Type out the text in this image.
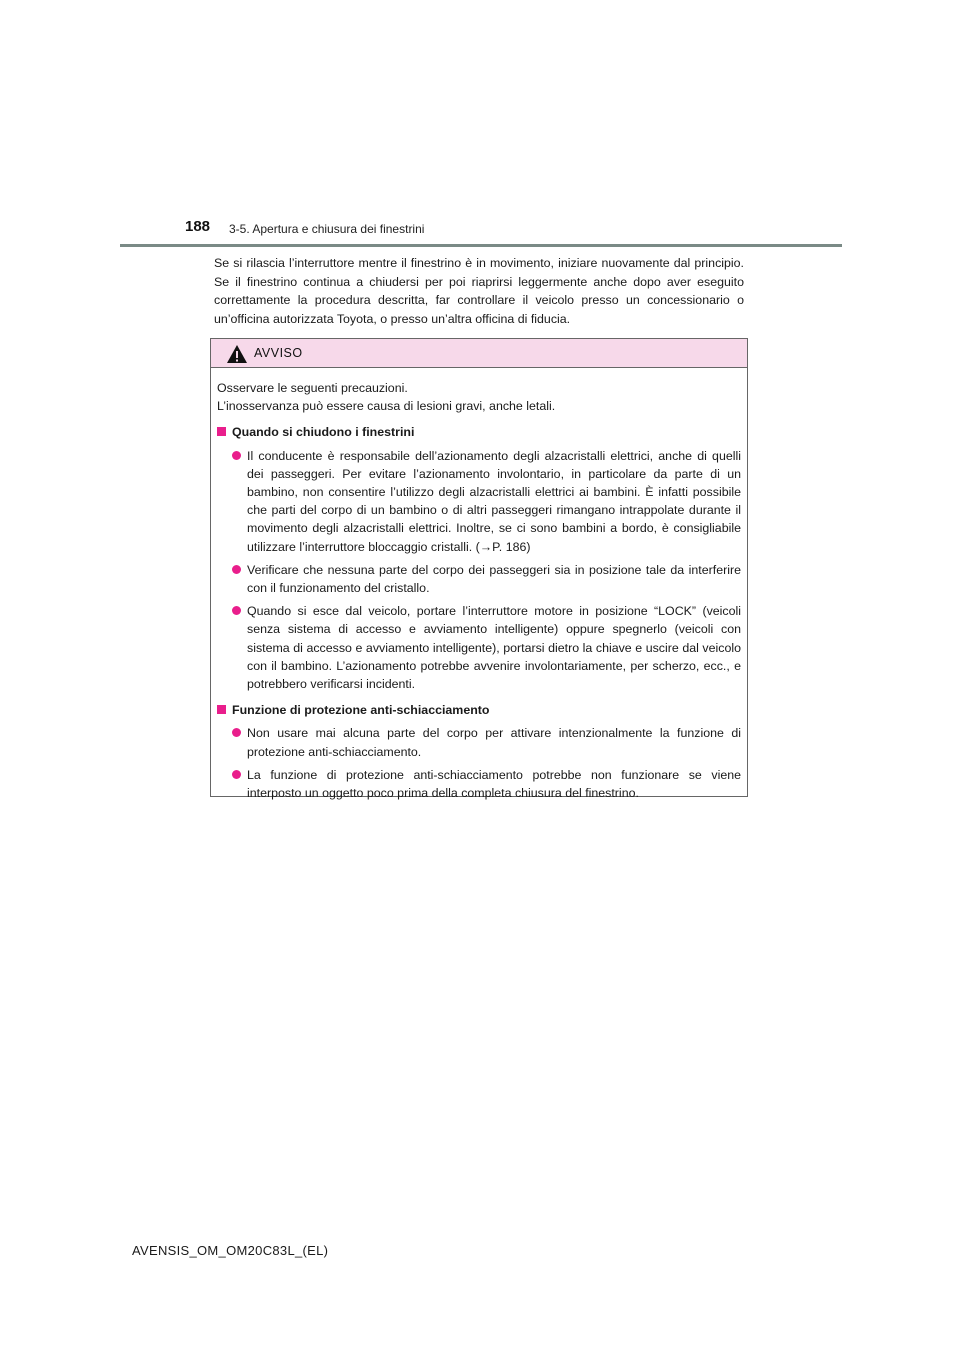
188 3-5. Apertura e chiusura dei finestrini

Se si rilascia l’interruttore mentre il finestrino è in movimento, iniziare nuovamente dal principio. Se il finestrino continua a chiudersi per poi riaprirsi leggermente anche dopo aver eseguito correttamente la procedura descritta, far controllare il veicolo presso un concessionario o un’officina autorizzata Toyota, o presso un’altra officina di fiducia.

AVVISO

Osservare le seguenti precauzioni.
L’inosservanza può essere causa di lesioni gravi, anche letali.

Quando si chiudono i finestrini

Il conducente è responsabile dell’azionamento degli alzacristalli elettrici, anche di quelli dei passeggeri. Per evitare l’azionamento involontario, in particolare da parte di un bambino, non consentire l’utilizzo degli alzacristalli elettrici ai bambini. È infatti possibile che parti del corpo di un bambino o di altri passeggeri rimangano intrappolate durante il movimento degli alzacristalli elettrici. Inoltre, se ci sono bambini a bordo, è consigliabile utilizzare l’interruttore bloccaggio cristalli. (→P. 186)
Verificare che nessuna parte del corpo dei passeggeri sia in posizione tale da interferire con il funzionamento del cristallo.
Quando si esce dal veicolo, portare l’interruttore motore in posizione “LOCK” (veicoli senza sistema di accesso e avviamento intelligente) oppure spegnerlo (veicoli con sistema di accesso e avviamento intelligente), portarsi dietro la chiave e uscire dal veicolo con il bambino. L’azionamento potrebbe avvenire involontariamente, per scherzo, ecc., e potrebbero verificarsi incidenti.

Funzione di protezione anti-schiacciamento

Non usare mai alcuna parte del corpo per attivare intenzionalmente la funzione di protezione anti-schiacciamento.
La funzione di protezione anti-schiacciamento potrebbe non funzionare se viene interposto un oggetto poco prima della completa chiusura del finestrino.
AVENSIS_OM_OM20C83L_(EL)
